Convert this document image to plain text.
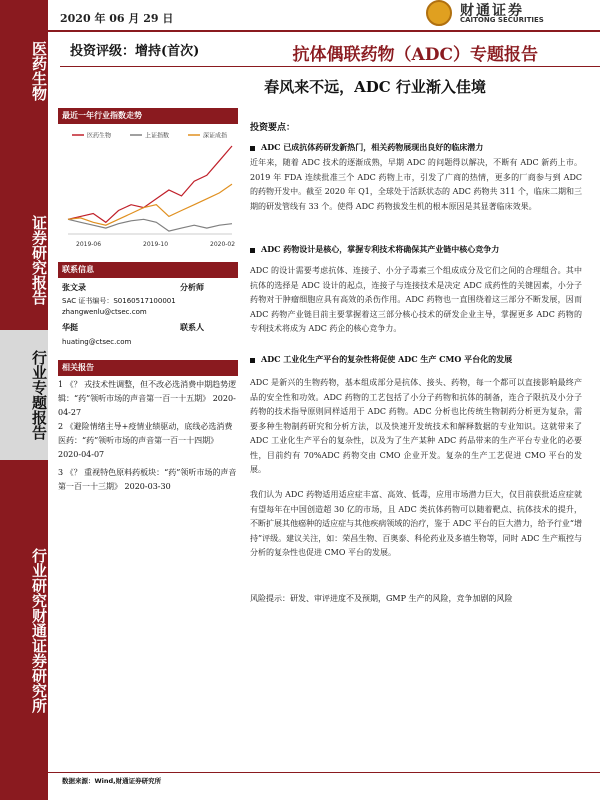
医药生物
证券研究报告
行业专题报告
行业研究财通证券研究所
2020 年 06 月 29 日	财通证券
CAITONG SECURITIES
投资评级：增持(首次)	抗体偶联药物（ADC）专题报告
春风来不远，ADC 行业渐入佳境
最近一年行业指数走势
医药生物	上证指数	深证成指
2019-06	2019-10	2020-02
联系信息
张文录	分析师
SAC 证书编号：S0160517100001
zhangwenlu@ctsec.com
华挺	联系人
huating@ctsec.com
相关报告
1 《？ 戎技术性调整，但不改必选消费中期趋势逻辑：“药”领听市场的声音第一百一十五期》 2020-04-27
2 《避险情绪主导+疫情业绩驱动，底线必选消费医药：“药”领听市场的声音第一百一十四期》 2020-04-07
3 《？ 重视特色原料药板块：“药”领听市场的声音第一百一十三期》 2020-03-30
投资要点：
ADC 已成抗体药研发新热门，相关药物展现出良好的临床潜力
近年来，随着 ADC 技术的逐渐成熟，早期 ADC 的问题得以解决，不断有 ADC 新药上市。2019 年 FDA 连续批准三个 ADC 药物上市，引发了广商的热情，更多的厂商参与到 ADC 的药物开发中。截至 2020 年 Q1，全球处于活跃状态的 ADC 药物共 311 个，临床二期和三期的研发管线有 33 个。使得 ADC 药物拔发生机的根本原因是其显著临床效果。
ADC 药物设计是核心，掌握专利技术将确保其产业链中核心竞争力
ADC 的设计需要考虑抗体、连接子、小分子毒素三个组成成分及它们之间的合理组合。其中抗体的选择是 ADC 设计的起点，连接子与连接技术是决定 ADC 成药性的关键因素，小分子药物对于肿瘤细胞应具有高效的杀伤作用。ADC 药物也一直围绕着这三部分不断发展，因而 ADC 药物产业链目前主要掌握着这三部分核心技术的研发企业主导，掌握更多 ADC 药物的专利技术将成为 ADC 药企的核心竞争力。
ADC 工业化生产平台的复杂性将促使 ADC 生产 CMO 平台化的发展
ADC 是新兴的生物药物，基本组成部分是抗体、接头、药物，每一个都可以直接影响最终产品的安全性和功效。ADC 药物的工艺包括了小分子药物和抗体的制备，连合子限抗及小分子药物的技术指导原则同样适用于 ADC 药物。ADC 分析也比传统生物制药分析更为复杂，需要多种生物制药研究和分析方法，以及快速开发统技术和解释数据的专业知识。这就带来了 ADC 工业化生产平台的复杂性，以及为了生产某种 ADC 药品带来的生产平台专业化的必要性，目前约有 70%ADC 药物交由 CMO 企业开发。复杂的生产工艺促进 CMO 平台的发展。
我们认为 ADC 药物适用适应症丰富、高效、低毒，应用市场潜力巨大，仅目前获批适应症就有望每年在中国创造超 30 亿的市场，且 ADC 类抗体药物可以随着靶点、抗体技术的提升，不断扩展其他癌种的适应症与其他疾病领域的治疗，鉴于 ADC 平台的巨大潜力，给予行业“增持”评级。建议关注，如：荣昌生物、百奥泰、科伦药业及多禧生物等，同时 ADC 生产瓶控与分析的复杂性也促进 CMO 平台的发展。
风险提示：研发、审评进度不及预期，GMP 生产的风险，竞争加剧的风险
数据来源：Wind,财通证券研究所
